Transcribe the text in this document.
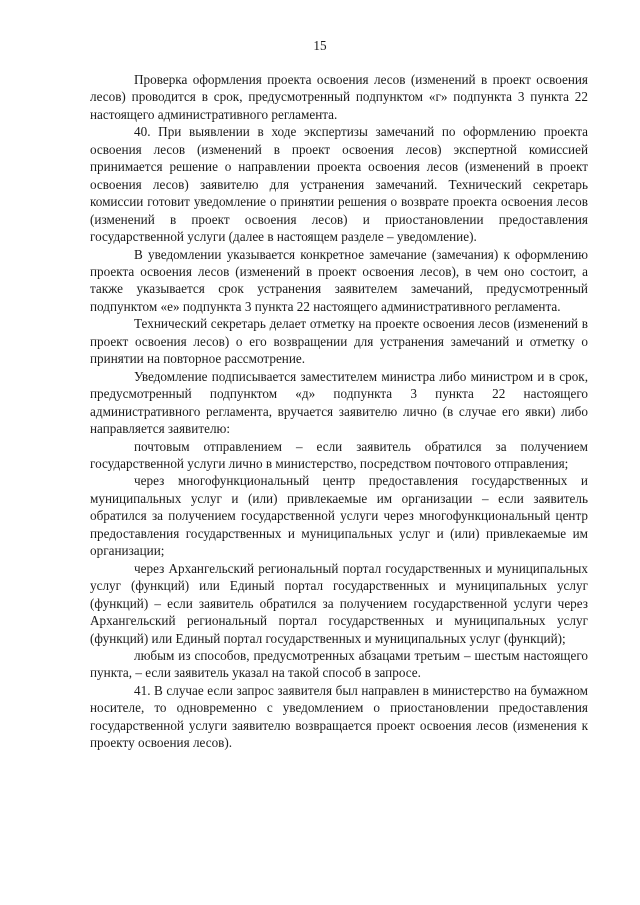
15

Проверка оформления проекта освоения лесов (изменений в проект освоения лесов) проводится в срок, предусмотренный подпунктом «г» подпункта 3 пункта 22 настоящего административного регламента.

40. При выявлении в ходе экспертизы замечаний по оформлению проекта освоения лесов (изменений в проект освоения лесов) экспертной комиссией принимается решение о направлении проекта освоения лесов (изменений в проект освоения лесов) заявителю для устранения замечаний. Технический секретарь комиссии готовит уведомление о принятии решения о возврате проекта освоения лесов (изменений в проект освоения лесов) и приостановлении предоставления государственной услуги (далее в настоящем разделе – уведомление).

В уведомлении указывается конкретное замечание (замечания) к оформлению проекта освоения лесов (изменений в проект освоения лесов), в чем оно состоит, а также указывается срок устранения заявителем замечаний, предусмотренный подпунктом «е» подпункта 3 пункта 22 настоящего административного регламента.

Технический секретарь делает отметку на проекте освоения лесов (изменений в проект освоения лесов) о его возвращении для устранения замечаний и отметку о принятии на повторное рассмотрение.

Уведомление подписывается заместителем министра либо министром и в срок, предусмотренный подпунктом «д» подпункта 3 пункта 22 настоящего административного регламента, вручается заявителю лично (в случае его явки) либо направляется заявителю:

почтовым отправлением – если заявитель обратился за получением государственной услуги лично в министерство, посредством почтового отправления;

через многофункциональный центр предоставления государственных и муниципальных услуг и (или) привлекаемые им организации – если заявитель обратился за получением государственной услуги через многофункциональный центр предоставления государственных и муниципальных услуг и (или) привлекаемые им организации;

через Архангельский региональный портал государственных и муниципальных услуг (функций) или Единый портал государственных и муниципальных услуг (функций) – если заявитель обратился за получением государственной услуги через Архангельский региональный портал государственных и муниципальных услуг (функций) или Единый портал государственных и муниципальных услуг (функций);

любым из способов, предусмотренных абзацами третьим – шестым настоящего пункта, – если заявитель указал на такой способ в запросе.

41. В случае если запрос заявителя был направлен в министерство на бумажном носителе, то одновременно с уведомлением о приостановлении предоставления государственной услуги заявителю возвращается проект освоения лесов (изменения к проекту освоения лесов).
